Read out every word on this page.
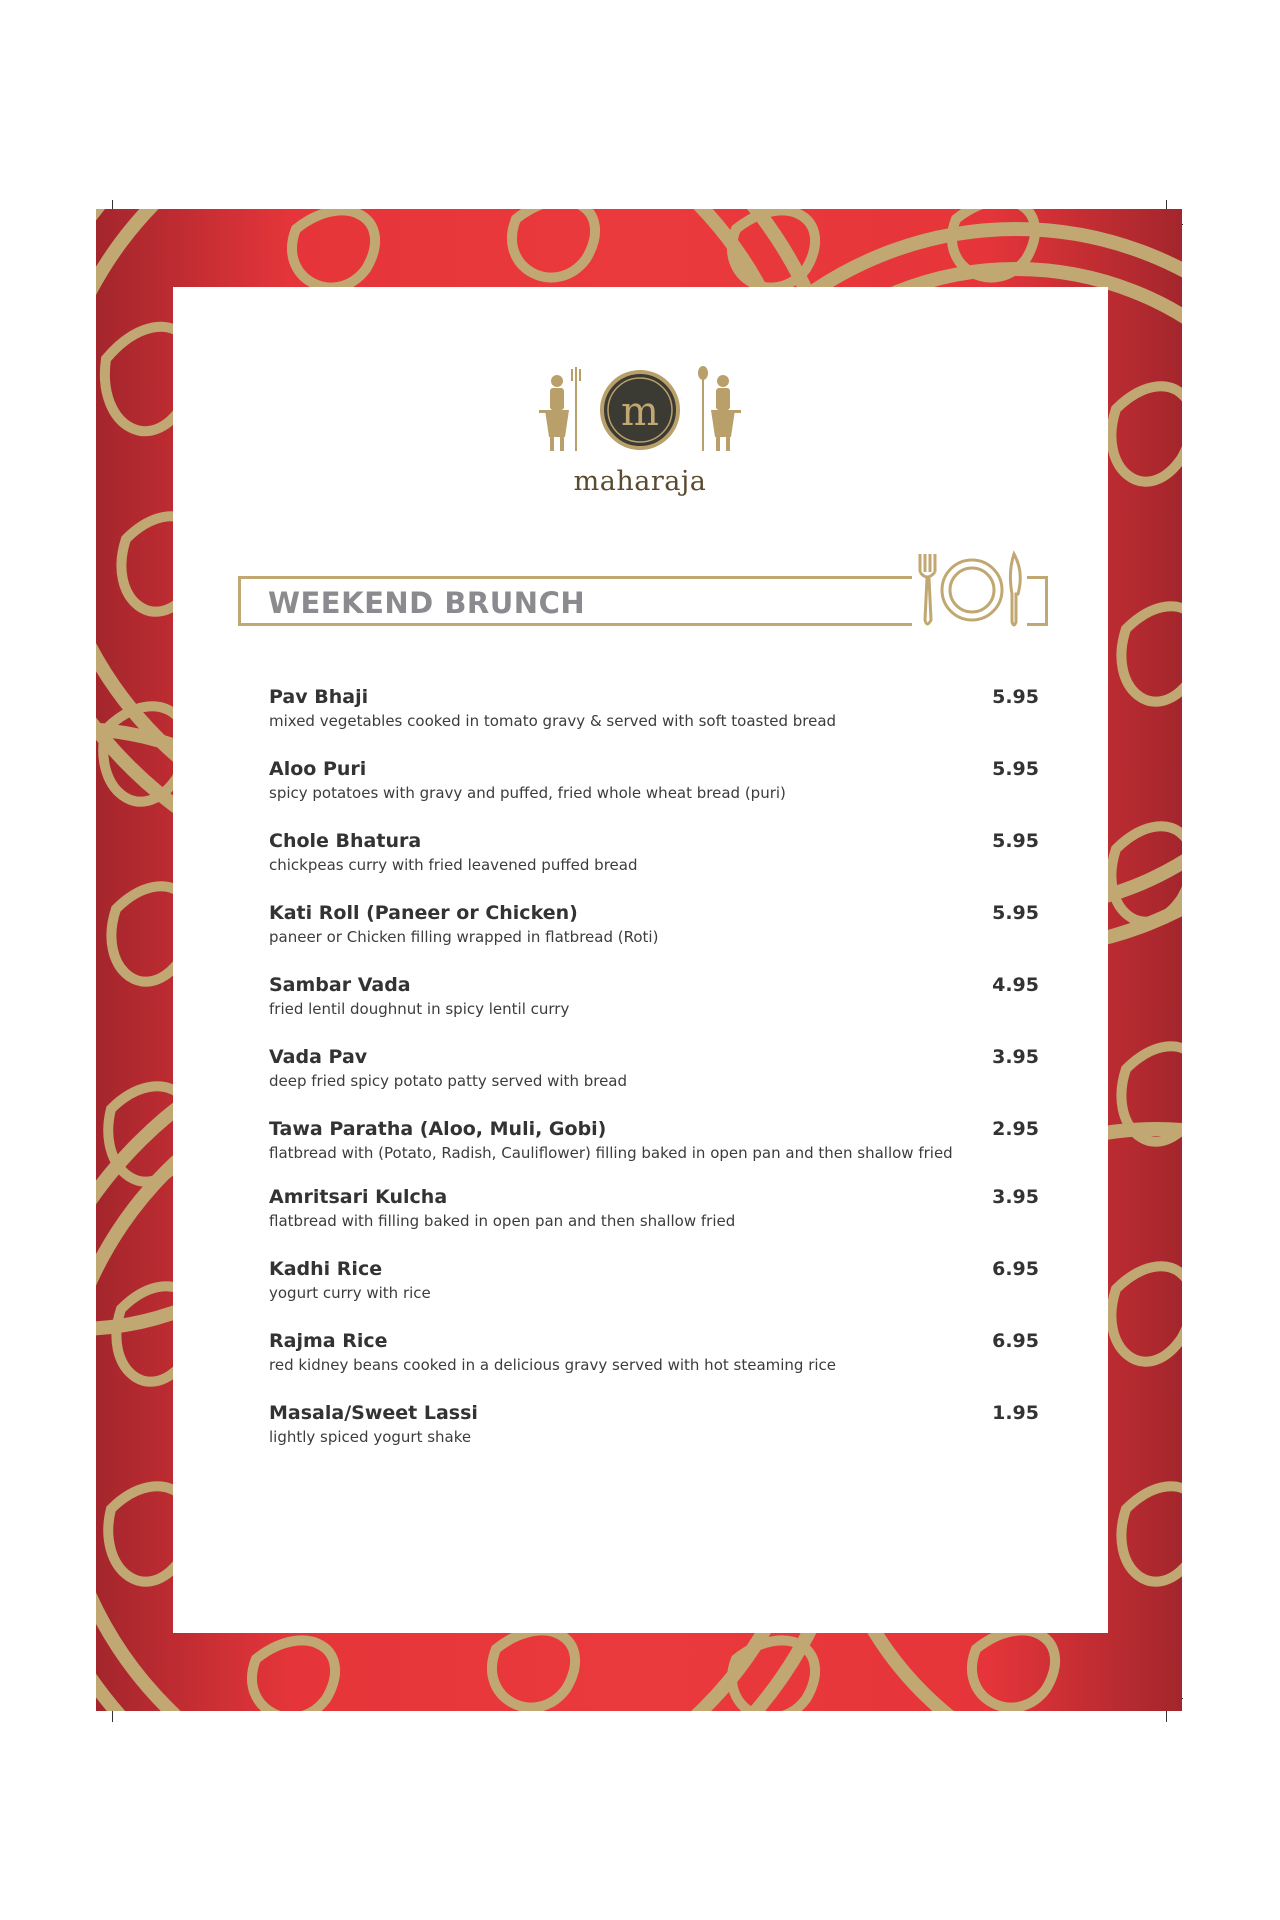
m
maharaja
WEEKEND BRUNCH
Pav Bhaji
mixed vegetables cooked in tomato gravy & served with soft toasted bread
5.95
Aloo Puri
spicy potatoes with gravy and puffed, fried whole wheat bread (puri)
5.95
Chole Bhatura
chickpeas curry with fried leavened puffed bread
5.95
Kati Roll (Paneer or Chicken)
paneer or Chicken filling wrapped in flatbread (Roti)
5.95
Sambar Vada
fried lentil doughnut in spicy lentil curry
4.95
Vada Pav
deep fried spicy potato patty served with bread
3.95
Tawa Paratha (Aloo, Muli, Gobi)
flatbread with (Potato, Radish, Cauliflower) filling baked in open pan and then shallow fried
2.95
Amritsari Kulcha
flatbread with filling baked in open pan and then shallow fried
3.95
Kadhi Rice
yogurt curry with rice
6.95
Rajma Rice
red kidney beans cooked in a delicious gravy served with hot steaming rice
6.95
Masala/Sweet Lassi
lightly spiced yogurt shake
1.95
